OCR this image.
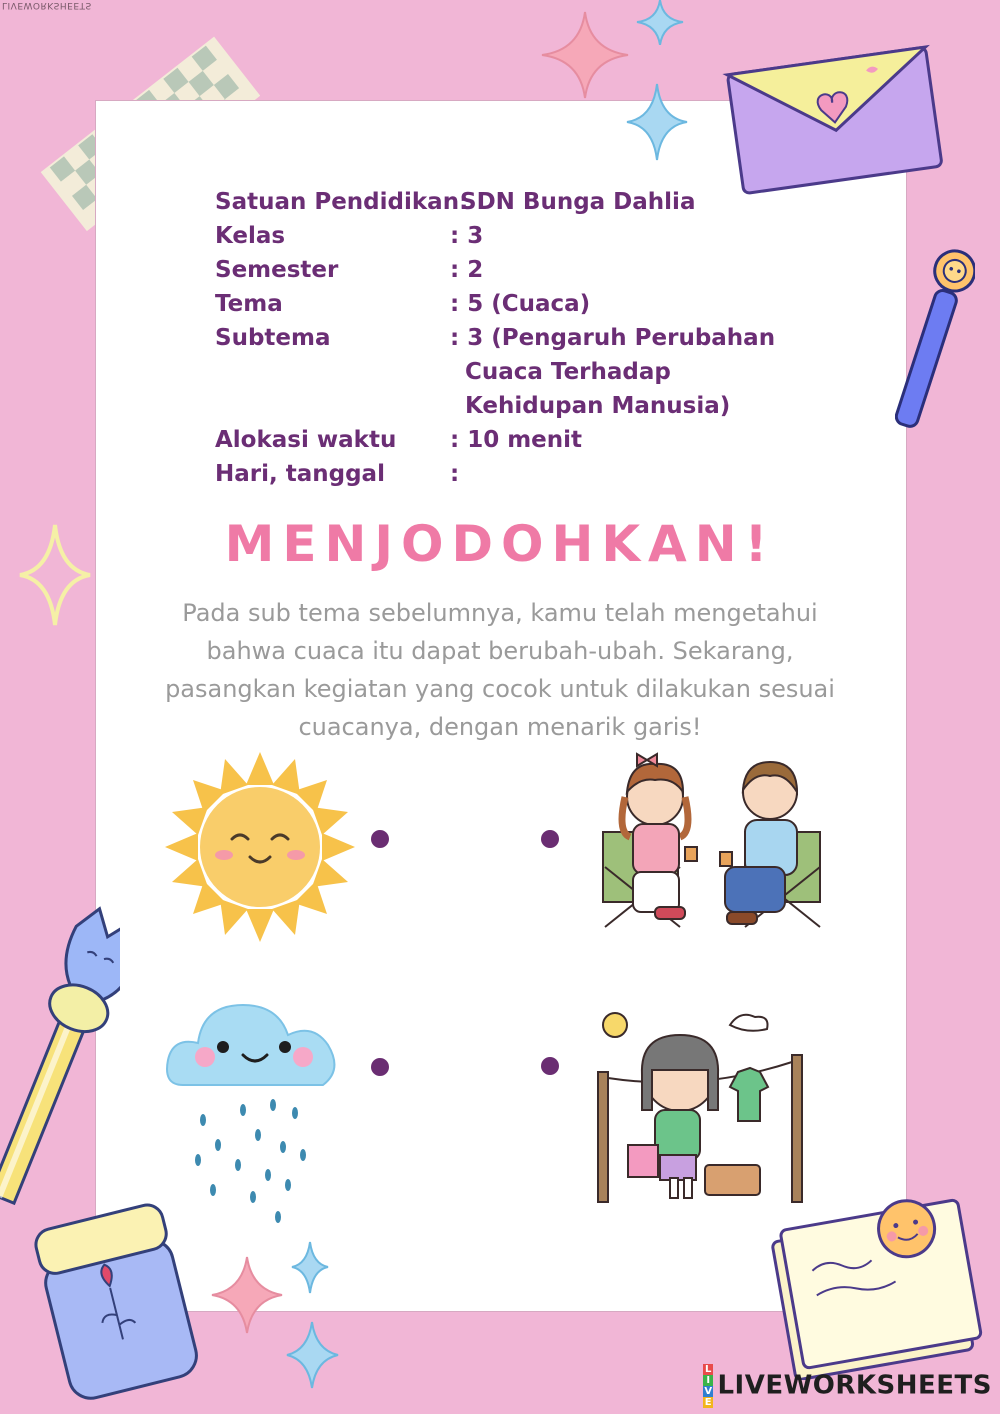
LIVEWORKSHEETS
Satuan Pendidikan:
SDN Bunga Dahlia
Kelas	: 3
Semester	: 2
Tema	: 5 (Cuaca)
Subtema	: 3 (Pengaruh Perubahan
Cuaca Terhadap
Kehidupan Manusia)
Alokasi waktu : 10 menit
Hari, tanggal	:
MENJODOHKAN!
Pada sub tema sebelumnya, kamu telah mengetahui
bahwa cuaca itu dapat berubah-ubah. Sekarang,
pasangkan kegiatan yang cocok untuk dilakukan sesuai
cuacanya, dengan menarik garis!
L
I
V
E
LIVEWORKSHEETS
